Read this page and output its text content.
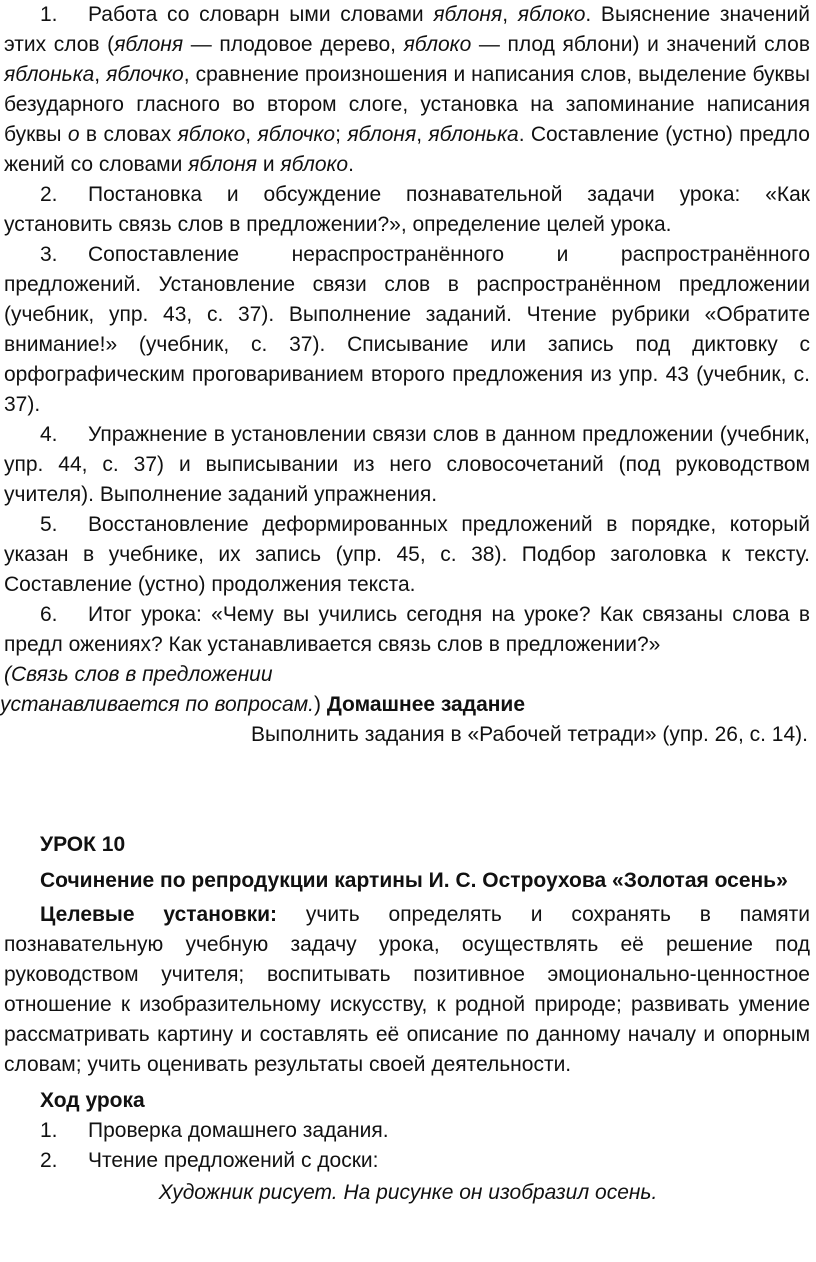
1. Работа со словарн ыми словами яблоня, яблоко. Выяснение значений этих слов (яблоня — плодовое дерево, яблоко — плод яблони) и значений слов яблонька, яблочко, сравнение произношения и написания слов, выделение буквы безударного гласного во втором слоге, установка на запоминание написания буквы о в словах яблоко, яблочко; яблоня, яблонька. Составление (устно) предло жений со словами яблоня и яблоко.

2. Постановка и обсуждение познавательной задачи урока: «Как установить связь слов в предложении?», определение целей урока.

3. Сопоставление нераспространённого и распространённого предложений. Установление связи слов в распространённом предложении (учебник, упр. 43, с. 37). Выполнение заданий. Чтение рубрики «Обратите внимание!» (учебник, с. 37). Списывание или запись под диктовку с орфографическим проговариванием второго предложения из упр. 43 (учебник, с. 37).

4. Упражнение в установлении связи слов в данном предложении (учебник, упр. 44, с. 37) и выписывании из него словосочетаний (под руководством учителя). Выполнение заданий упражнения.

5. Восстановление деформированных предложений в порядке, который указан в учебнике, их запись (упр. 45, с. 38). Подбор заголовка к тексту. Составление (устно) продолжения текста.

6. Итог урока: «Чему вы учились сегодня на уроке? Как связаны слова в предл ожениях? Как устанавливается связь слов в предложении?»

(Связь слов в предложении

устанавливается по вопросам.) Домашнее задание

Выполнить задания в «Рабочей тетради» (упр. 26, с. 14).

УРОК 10

Сочинение по репродукции картины И. С. Остроухова «Золотая осень»

Целевые установки: учить определять и сохранять в памяти познавательную учебную задачу урока, осуществлять её решение под руководством учителя; воспитывать позитивное эмоционально-ценностное отношение к изобразительному искусству, к родной природе; развивать умение рассматривать картину и составлять её описание по данному началу и опорным словам; учить оценивать результаты своей деятельности.

Ход урока

1. Проверка домашнего задания.

2. Чтение предложений с доски:

Художник рисует. На рисунке он изобразил осень.
